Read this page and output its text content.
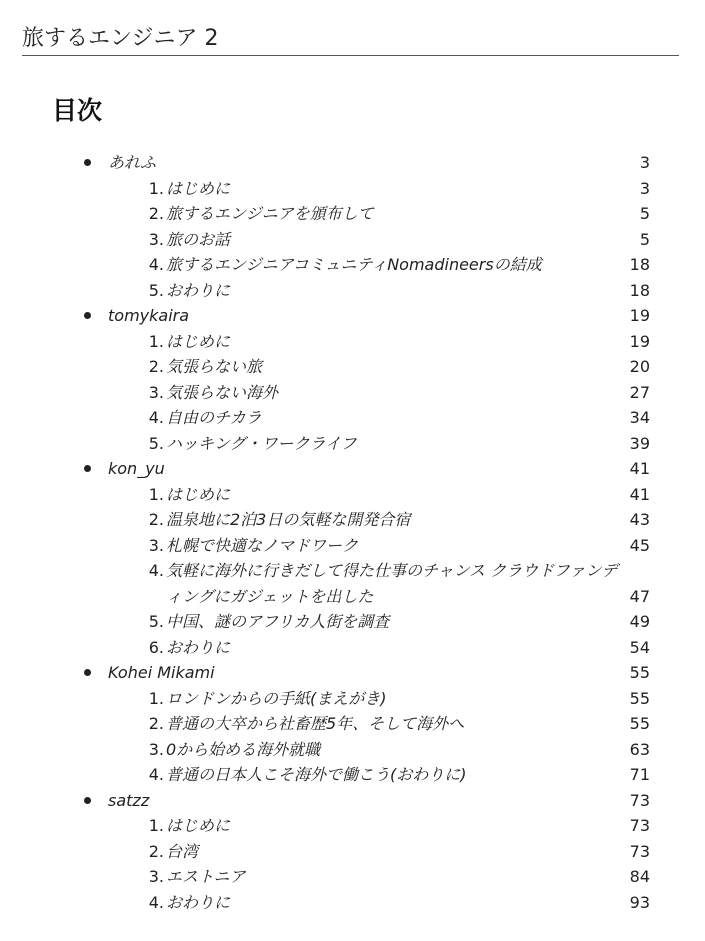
旅するエンジニア 2
目次
あれふ	3
1. はじめに	3
2. 旅するエンジニアを頒布して	5
3. 旅のお話	5
4. 旅するエンジニアコミュニティNomadineersの結成	18
5. おわりに	18
tomykaira	19
1. はじめに	19
2. 気張らない旅	20
3. 気張らない海外	27
4. 自由のチカラ	34
5. ハッキング・ワークライフ	39
kon_yu	41
1. はじめに	41
2. 温泉地に2泊3日の気軽な開発合宿	43
3. 札幌で快適なノマドワーク	45
4. 気軽に海外に行きだして得た仕事のチャンス クラウドファンデ
ィングにガジェットを出した	47
5. 中国、謎のアフリカ人街を調査	49
6. おわりに	54
Kohei Mikami	55
1. ロンドンからの手紙(まえがき)	55
2. 普通の大卒から社畜歴5年、そして海外へ	55
3. 0から始める海外就職	63
4. 普通の日本人こそ海外で働こう(おわりに)	71
satzz	73
1. はじめに	73
2. 台湾	73
3. エストニア	84
4. おわりに	93
